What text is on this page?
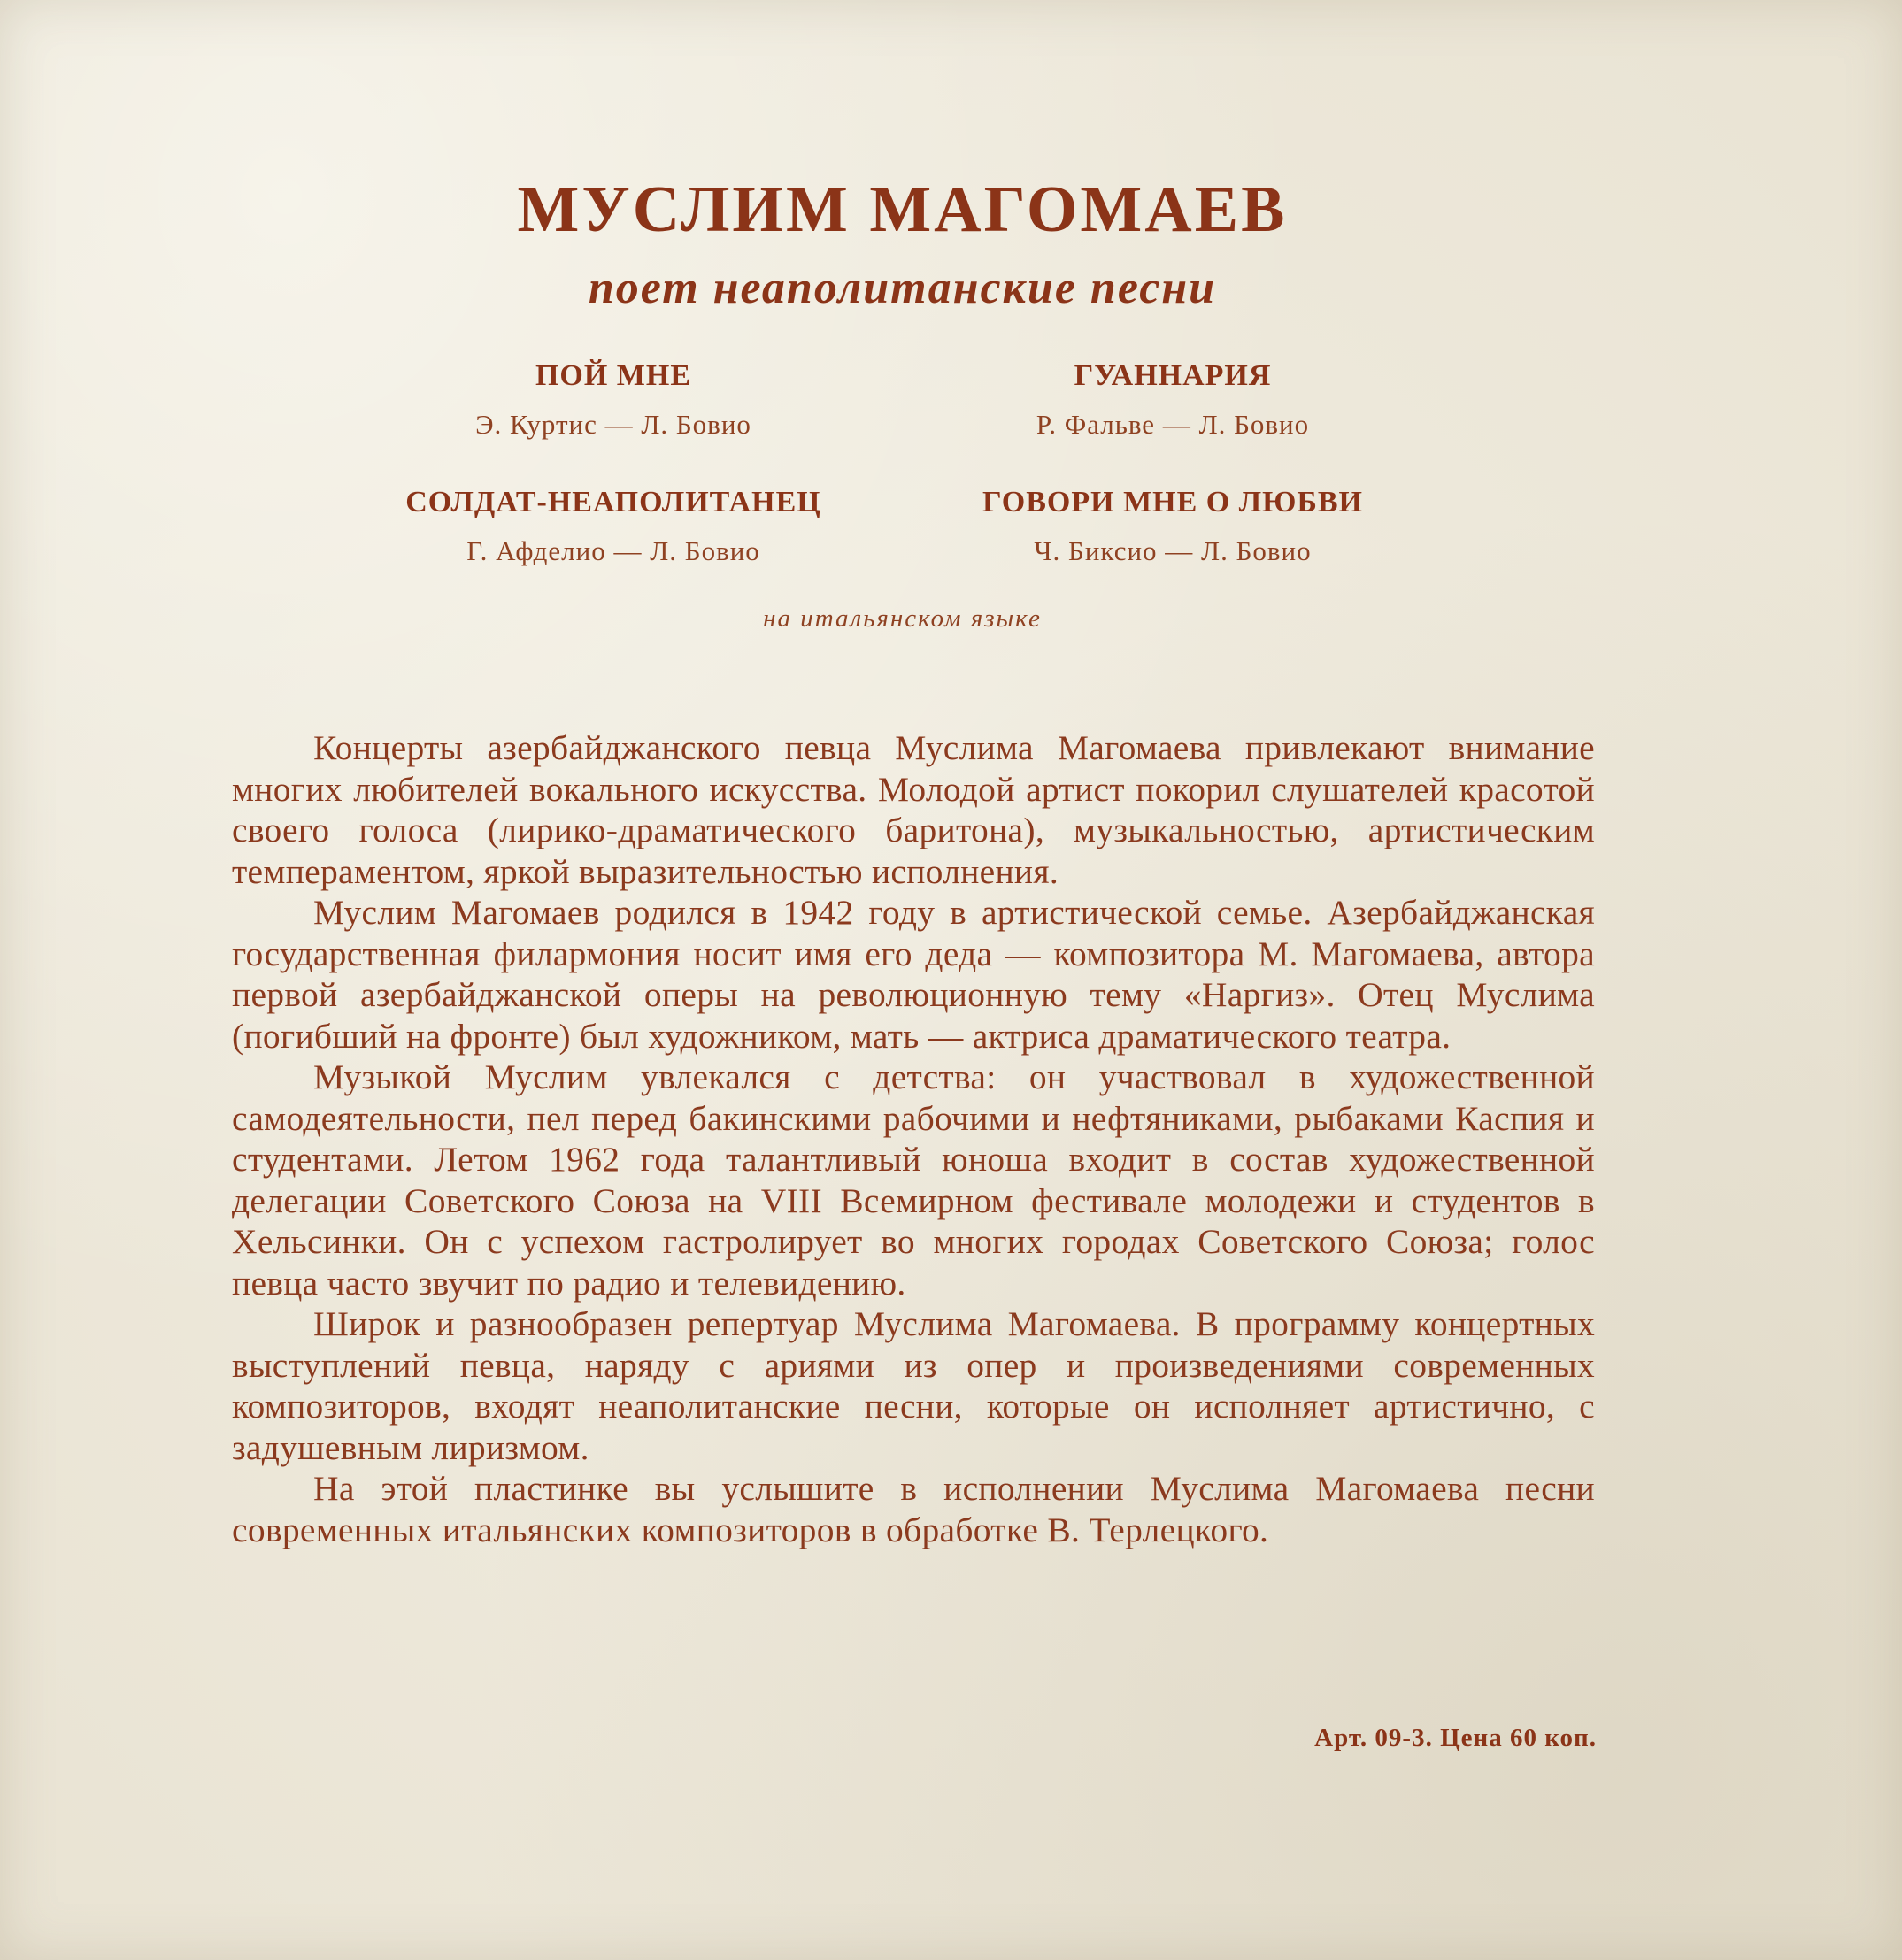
МУСЛИМ МАГОМАЕВ
поет неаполитанские песни
ПОЙ МНЕ
Э. Куртис — Л. Бовио
ГУАННАРИЯ
Р. Фальве — Л. Бовио
СОЛДАТ-НЕАПОЛИТАНЕЦ
Г. Афделио — Л. Бовио
ГОВОРИ МНЕ О ЛЮБВИ
Ч. Биксио — Л. Бовио
на итальянском языке

Концерты азербайджанского певца Муслима Магомаева привлекают внимание многих любителей вокального искусства. Молодой артист покорил слушателей красотой своего голоса (лирико-драматического баритона), музыкальностью, артистическим темпераментом, яркой выразительностью исполнения.

Муслим Магомаев родился в 1942 году в артистической семье. Азербайджанская государственная филармония носит имя его деда — композитора М. Магомаева, автора первой азербайджанской оперы на революционную тему «Наргиз». Отец Муслима (погибший на фронте) был художником, мать — актриса драматического театра.

Музыкой Муслим увлекался с детства: он участвовал в художественной самодеятельности, пел перед бакинскими рабочими и нефтяниками, рыбаками Каспия и студентами. Летом 1962 года талантливый юноша входит в состав художественной делегации Советского Союза на VIII Всемирном фестивале молодежи и студентов в Хельсинки. Он с успехом гастролирует во многих городах Советского Союза; голос певца часто звучит по радио и телевидению.

Широк и разнообразен репертуар Муслима Магомаева. В программу концертных выступлений певца, наряду с ариями из опер и произведениями современных композиторов, входят неаполитанские песни, которые он исполняет артистично, с задушевным лиризмом.

На этой пластинке вы услышите в исполнении Муслима Магомаева песни современных итальянских композиторов в обработке В. Терлецкого.

Арт. 09-3. Цена 60 коп.
